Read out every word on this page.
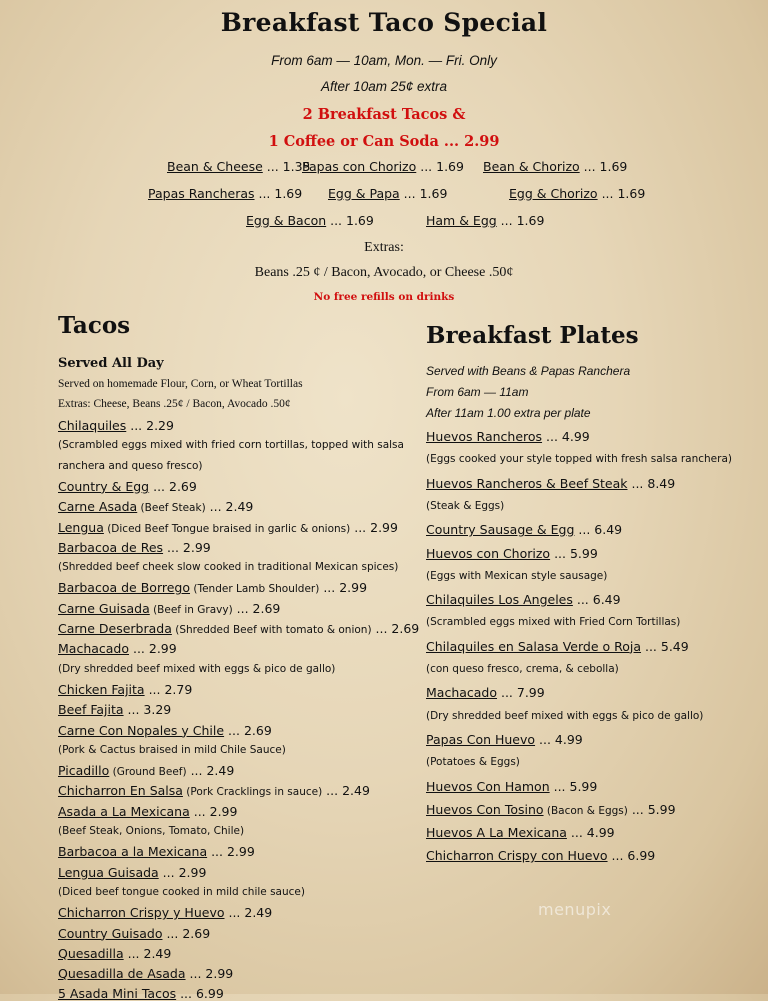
Breakfast Taco Special
From 6am — 10am, Mon. — Fri. Only
After 10am 25¢ extra
2 Breakfast Tacos &
1 Coffee or Can Soda ... 2.99
Bean & Cheese ... 1.35
Papas con Chorizo ... 1.69 Bean & Chorizo ... 1.69
Papas Rancheras ... 1.69 Egg & Papa ... 1.69	Egg & Chorizo ... 1.69
Egg & Bacon ... 1.69	Ham & Egg ... 1.69
Extras:
Beans .25 ¢ / Bacon, Avocado, or Cheese .50¢
No free refills on drinks
Tacos
Served All Day
Served on homemade Flour, Corn, or Wheat Tortillas
Extras: Cheese, Beans .25¢ / Bacon, Avocado .50¢
Chilaquiles ... 2.29
(Scrambled eggs mixed with fried corn tortillas, topped with salsa
ranchera and queso fresco)
Country & Egg ... 2.69
Carne Asada (Beef Steak) ... 2.49
Lengua (Diced Beef Tongue braised in garlic & onions) ... 2.99
Barbacoa de Res ... 2.99
(Shredded beef cheek slow cooked in traditional Mexican spices)
Barbacoa de Borrego (Tender Lamb Shoulder) ... 2.99
Carne Guisada (Beef in Gravy) ... 2.69
Carne Deserbrada (Shredded Beef with tomato & onion) ... 2.69
Machacado ... 2.99
(Dry shredded beef mixed with eggs & pico de gallo)
Chicken Fajita ... 2.79
Beef Fajita ... 3.29
Carne Con Nopales y Chile ... 2.69
(Pork & Cactus braised in mild Chile Sauce)
Picadillo (Ground Beef) ... 2.49
Chicharron En Salsa (Pork Cracklings in sauce) ... 2.49
Asada a La Mexicana ... 2.99
(Beef Steak, Onions, Tomato, Chile)
Barbacoa a la Mexicana ... 2.99
Lengua Guisada ... 2.99
(Diced beef tongue cooked in mild chile sauce)
Chicharron Crispy y Huevo ... 2.49
Country Guisado ... 2.69
Quesadilla ... 2.49
Quesadilla de Asada ... 2.99
5 Asada Mini Tacos ... 6.99
Breakfast Plates
Served with Beans & Papas Ranchera
From 6am — 11am
After 11am 1.00 extra per plate
Huevos Rancheros ... 4.99
(Eggs cooked your style topped with fresh salsa ranchera)
Huevos Rancheros & Beef Steak ... 8.49
(Steak & Eggs)
Country Sausage & Egg ... 6.49
Huevos con Chorizo ... 5.99
(Eggs with Mexican style sausage)
Chilaquiles Los Angeles ... 6.49
(Scrambled eggs mixed with Fried Corn Tortillas)
Chilaquiles en Salasa Verde o Roja ... 5.49
(con queso fresco, crema, & cebolla)
Machacado ... 7.99
(Dry shredded beef mixed with eggs & pico de gallo)
Papas Con Huevo ... 4.99
(Potatoes & Eggs)
Huevos Con Hamon ... 5.99
Huevos Con Tosino (Bacon & Eggs) ... 5.99
Huevos A La Mexicana ... 4.99
Chicharron Crispy con Huevo ... 6.99
menupix
